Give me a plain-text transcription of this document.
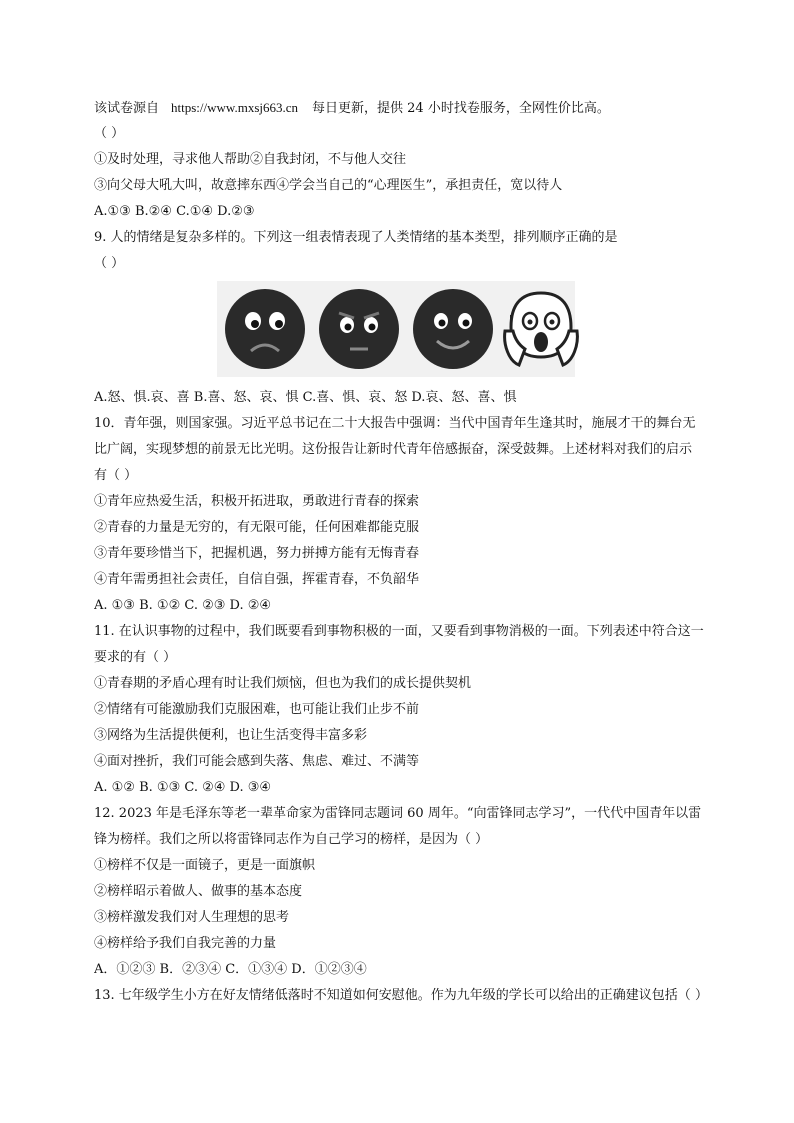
该试卷源自 https://www.mxsj663.cn 每日更新，提供 24 小时找卷服务，全网性价比高。
（ ）
①及时处理，寻求他人帮助②自我封闭，不与他人交往
③向父母大吼大叫，故意摔东西④学会当自己的“心理医生”，承担责任，宽以待人
A.①③ B.②④ C.①④ D.②③
9. 人的情绪是复杂多样的。下列这一组表情表现了人类情绪的基本类型，排列顺序正确的是
（ ）
A.怒、惧.哀、喜 B.喜、怒、哀、惧 C.喜、惧、哀、怒 D.哀、怒、喜、惧
10．青年强，则国家强。习近平总书记在二十大报告中强调：当代中国青年生逢其时，施展才干的舞台无比广阔，实现梦想的前景无比光明。这份报告让新时代青年倍感振奋，深受鼓舞。上述材料对我们的启示有（ ）
①青年应热爱生活，积极开拓进取，勇敢进行青春的探索
②青春的力量是无穷的，有无限可能，任何困难都能克服
③青年要珍惜当下，把握机遇，努力拼搏方能有无悔青春
④青年需勇担社会责任，自信自强，挥霍青春，不负韶华
A. ①③ B. ①② C. ②③ D. ②④
11. 在认识事物的过程中，我们既要看到事物积极的一面，又要看到事物消极的一面。下列表述中符合这一要求的有（ ）
①青春期的矛盾心理有时让我们烦恼，但也为我们的成长提供契机
②情绪有可能激励我们克服困难，也可能让我们止步不前
③网络为生活提供便利，也让生活变得丰富多彩
④面对挫折，我们可能会感到失落、焦虑、难过、不满等
A. ①② B. ①③ C. ②④ D. ③④
12. 2023 年是毛泽东等老一辈革命家为雷锋同志题词 60 周年。“向雷锋同志学习”，一代代中国青年以雷锋为榜样。我们之所以将雷锋同志作为自己学习的榜样，是因为（ ）
①榜样不仅是一面镜子，更是一面旗帜
②榜样昭示着做人、做事的基本态度
③榜样激发我们对人生理想的思考
④榜样给予我们自我完善的力量
A．①②③ B．②③④ C．①③④ D．①②③④
13. 七年级学生小方在好友情绪低落时不知道如何安慰他。作为九年级的学长可以给出的正确建议包括（ ）
